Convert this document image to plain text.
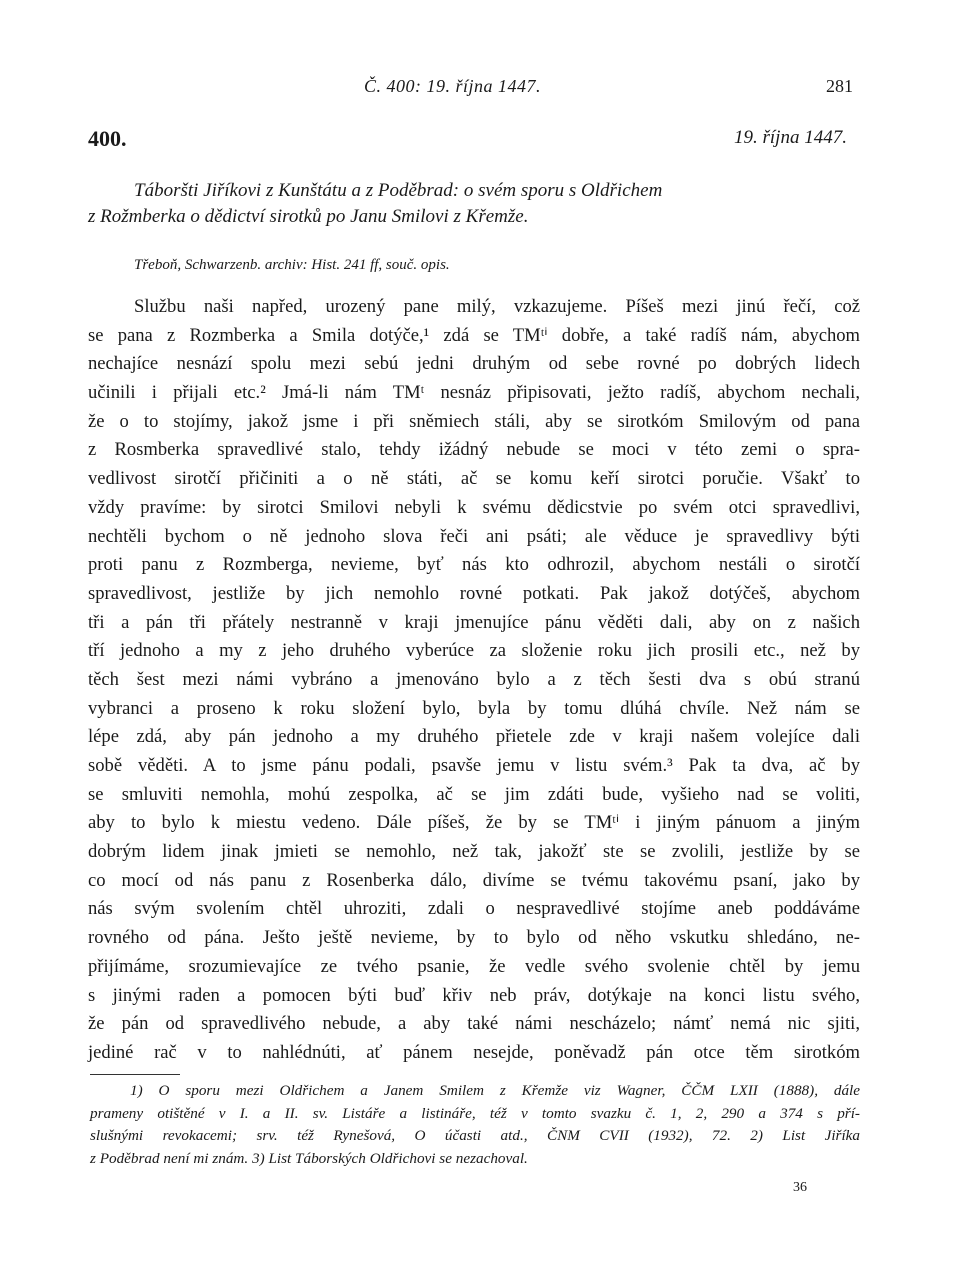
Č. 400: 19. října 1447.	281
400.	19. října 1447.
Táboršti Jiříkovi z Kunštátu a z Poděbrad: o svém sporu s Oldřichem
z Rožmberka o dědictví sirotků po Janu Smilovi z Křemže.
Třeboň, Schwarzenb. archiv: Hist. 241 ff, souč. opis.
Službu naši napřed, urozený pane milý, vzkazujeme. Píšeš mezi jinú řečí, což
se pana z Rozmberka a Smila dotýče,¹ zdá se TMᵗⁱ dobře, a také radíš nám, abychom
nechajíce nesnází spolu mezi sebú jedni druhým od sebe rovné po dobrých lidech
učinili i přijali etc.² Jmá-li nám TMᵗ nesnáz připisovati, ježto radíš, abychom nechali,
že o to stojímy, jakož jsme i při sněmiech stáli, aby se sirotkóm Smilovým od pana
z Rosmberka spravedlivé stalo, tehdy ižádný nebude se moci v této zemi o spra-
vedlivost sirotčí přičiniti a o ně státi, ač se komu keří sirotci poručie. Však​ť to
vždy pravíme: by sirotci Smilovi nebyli k svému dědicstvie po svém otci spravedlivi,
nechtěli bychom o ně jednoho slova řeči ani psáti; ale věduce je spravedlivy býti
proti panu z Rozmberga, nevieme, byť nás kto odhrozil, abychom nestáli o sirotčí
spravedlivost, jestliže by jich nemohlo rovné potkati. Pak jakož dotýčeš, abychom
tři a pán tři přátely nestranně v kraji jmenujíce pánu věděti dali, aby on z našich
tří jednoho a my z jeho druhého vyberúce za složenie roku jich prosili etc., než by
těch šest mezi námi vybráno a jmenováno bylo a z těch šesti dva s obú stranú
vybranci a proseno k roku složení bylo, byla by tomu dlúhá chvíle. Než nám se
lépe zdá, aby pán jednoho a my druhého přietele zde v kraji našem volejíce dali
sobě věděti. A to jsme pánu podali, psavše jemu v listu svém.³ Pak ta dva, ač by
se smluviti nemohla, mohú zespolka, ač se jim zdáti bude, vyšieho nad se voliti,
aby to bylo k miestu vedeno. Dále píšeš, že by se TMᵗⁱ i jiným pánuom a jiným
dobrým lidem jinak jmieti se nemohlo, než tak, jakožť ste se zvolili, jestliže by se
co mocí od nás panu z Rosenberka dálo, divíme se tvému takovému psaní, jako by
nás svým svolením chtěl uhroziti, zdali o nespravedlivé stojíme aneb poddáváme
rovného od pána. Ješto ještě nevieme, by to bylo od něho vskutku shledáno, ne-
přijímáme, srozumievajíce ze tvého psanie, že vedle svého svolenie chtěl by jemu
s jinými raden a pomocen býti buď křiv neb práv, dotýkaje na konci listu svého,
že pán od spravedlivého nebude, a aby také námi nescházelo; námť nemá nic sjiti,
jediné rač v to nahlédnúti, ať pánem nesejde, poněvadž pán otce těm sirotkóm
1) O sporu mezi Oldřichem a Janem Smilem z Křemže viz Wagner, ČČM LXII (1888), dále
prameny otištěné v I. a II. sv. Listáře a listináře, též v tomto svazku č. 1, 2, 290 a 374 s pří-
slušnými revokacemi; srv. též Rynešová, O účasti atd., ČNM CVII (1932), 72. 2) List Jiříka
z Poděbrad není mi znám. 3) List Táborských Oldřichovi se nezachoval.
36
